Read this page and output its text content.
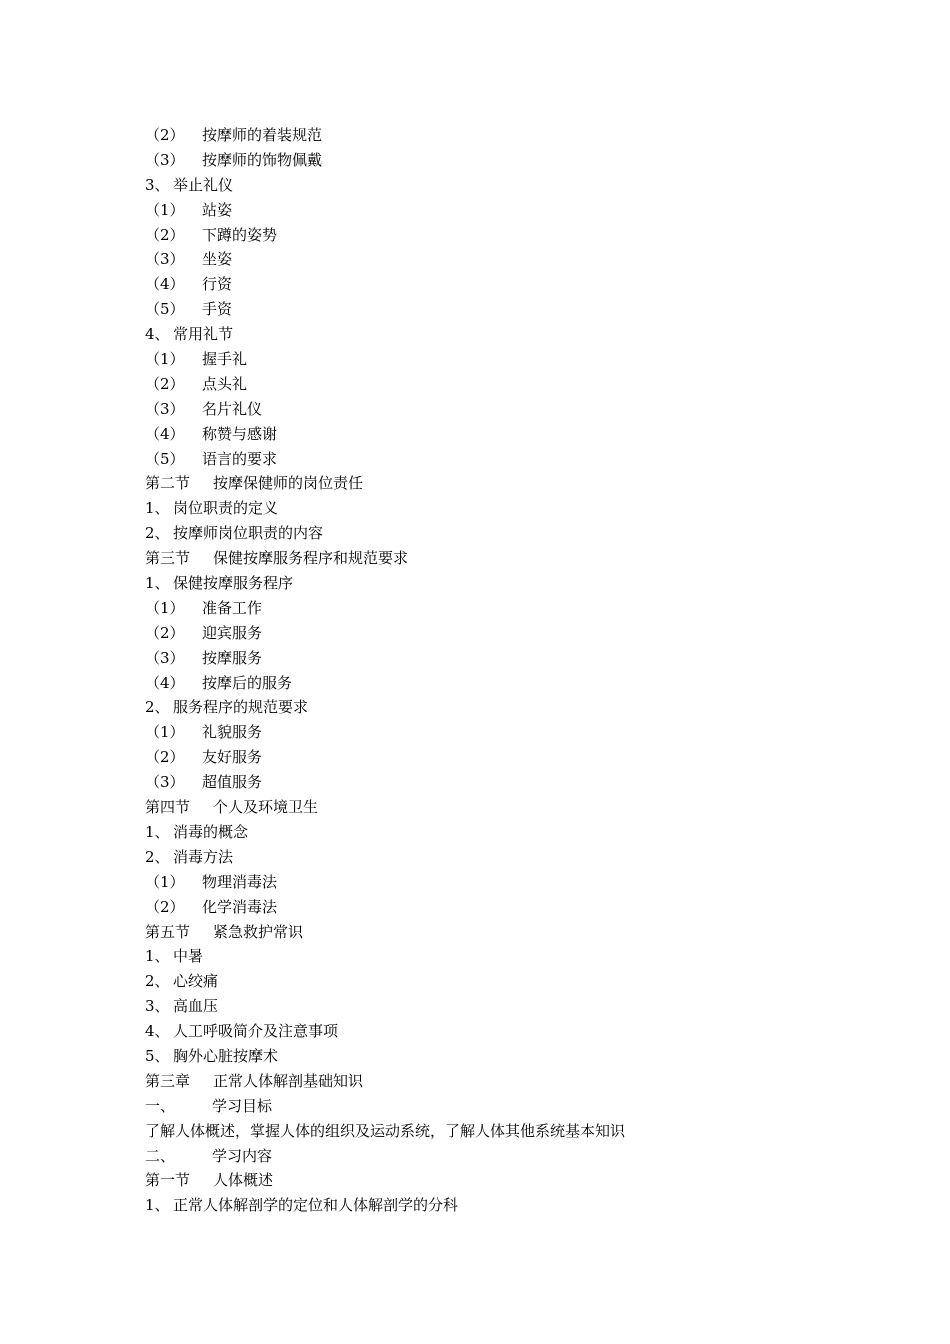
（2）	按摩师的着装规范
（3）	按摩师的饰物佩戴
3、 举止礼仪
（1）	站姿
（2）	下蹲的姿势
（3）	坐姿
（4）	行资
（5）	手资
4、 常用礼节
（1）	握手礼
（2）	点头礼
（3）	名片礼仪
（4）	称赞与感谢
（5）	语言的要求
第二节	按摩保健师的岗位责任
1、 岗位职责的定义
2、 按摩师岗位职责的内容
第三节	保健按摩服务程序和规范要求
1、 保健按摩服务程序
（1）	准备工作
（2）	迎宾服务
（3）	按摩服务
（4）	按摩后的服务
2、 服务程序的规范要求
（1）	礼貌服务
（2）	友好服务
（3）	超值服务
第四节	个人及环境卫生
1、 消毒的概念
2、 消毒方法
（1）	物理消毒法
（2）	化学消毒法
第五节	紧急救护常识
1、 中暑
2、 心绞痛
3、 高血压
4、 人工呼吸简介及注意事项
5、 胸外心脏按摩术
第三章	正常人体解剖基础知识
一、	学习目标
了解人体概述，掌握人体的组织及运动系统，了解人体其他系统基本知识
二、	学习内容
第一节	人体概述
1、 正常人体解剖学的定位和人体解剖学的分科
